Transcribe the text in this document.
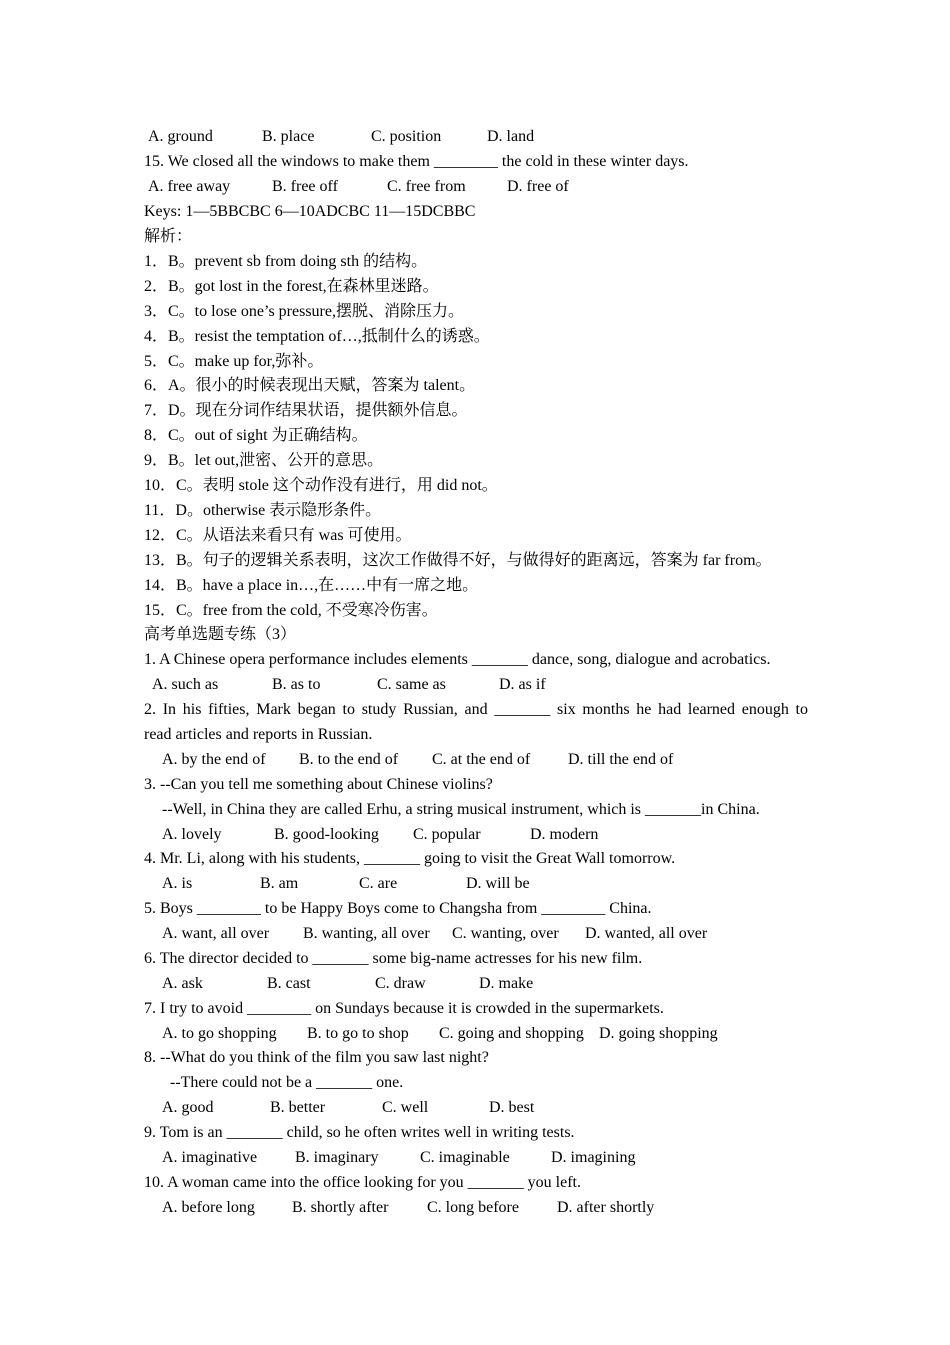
A. ground

	B. place

	C. position

	D. land

15. We closed all the windows to make them ________ the cold in these winter days.

A. free away

	B. free off

	C. free from

	D. free of

Keys: 1—5BBCBC 6—10ADCBC 11—15DCBBC
解析：
1．B。prevent sb from doing sth 的结构。
2．B。got lost in the forest,在森林里迷路。
3．C。to lose one’s pressure,摆脱、消除压力。
4．B。resist the temptation of…,抵制什么的诱惑。
5．C。make up for,弥补。
6．A。很小的时候表现出天赋，答案为 talent。
7．D。现在分词作结果状语，提供额外信息。
8．C。out of sight 为正确结构。
9．B。let out,泄密、公开的意思。
10．C。表明 stole 这个动作没有进行，用 did not。
11．D。otherwise 表示隐形条件。
12．C。从语法来看只有 was 可使用。
13．B。句子的逻辑关系表明，这次工作做得不好，与做得好的距离远，答案为 far from。
14．B。have a place in…,在……中有一席之地。
15．C。free from the cold, 不受寒冷伤害。
高考单选题专练（3）
1. A Chinese opera performance includes elements _______ dance, song, dialogue and acrobatics.

A. such as

	B. as to

	C. same as

	D. as if

2. In his fifties, Mark began to study Russian, and _______ six months he had learned enough to
read articles and reports in Russian.

A. by the end of

B. to the end of

C. at the end of

D. till the end of

3. --Can you tell me something about Chinese violins?
--Well, in China they are called Erhu, a string musical instrument, which is _______in China.

A. lovely

	B. good-looking

C. popular

	D. modern

4. Mr. Li, along with his students, _______ going to visit the Great Wall tomorrow.

A. is

	B. am

	C. are

	D. will be

5. Boys ________ to be Happy Boys come to Changsha from ________ China.

A. want, all over

B. wanting, all over

C. wanting, over

D. wanted, all over

6. The director decided to _______ some big-name actresses for his new film.

A. ask

	B. cast

	C. draw

	D. make

7. I try to avoid ________ on Sundays because it is crowded in the supermarkets.

A. to go shopping

B. to go to shop

C. going and shopping

D. going shopping

8. --What do you think of the film you saw last night?
--There could not be a _______ one.

A. good

	B. better

	C. well

	D. best

9. Tom is an _______ child, so he often writes well in writing tests.

A. imaginative

B. imaginary

	C. imaginable

	D. imagining

10. A woman came into the office looking for you _______ you left.

A. before long

B. shortly after

C. long before

D. after shortly
